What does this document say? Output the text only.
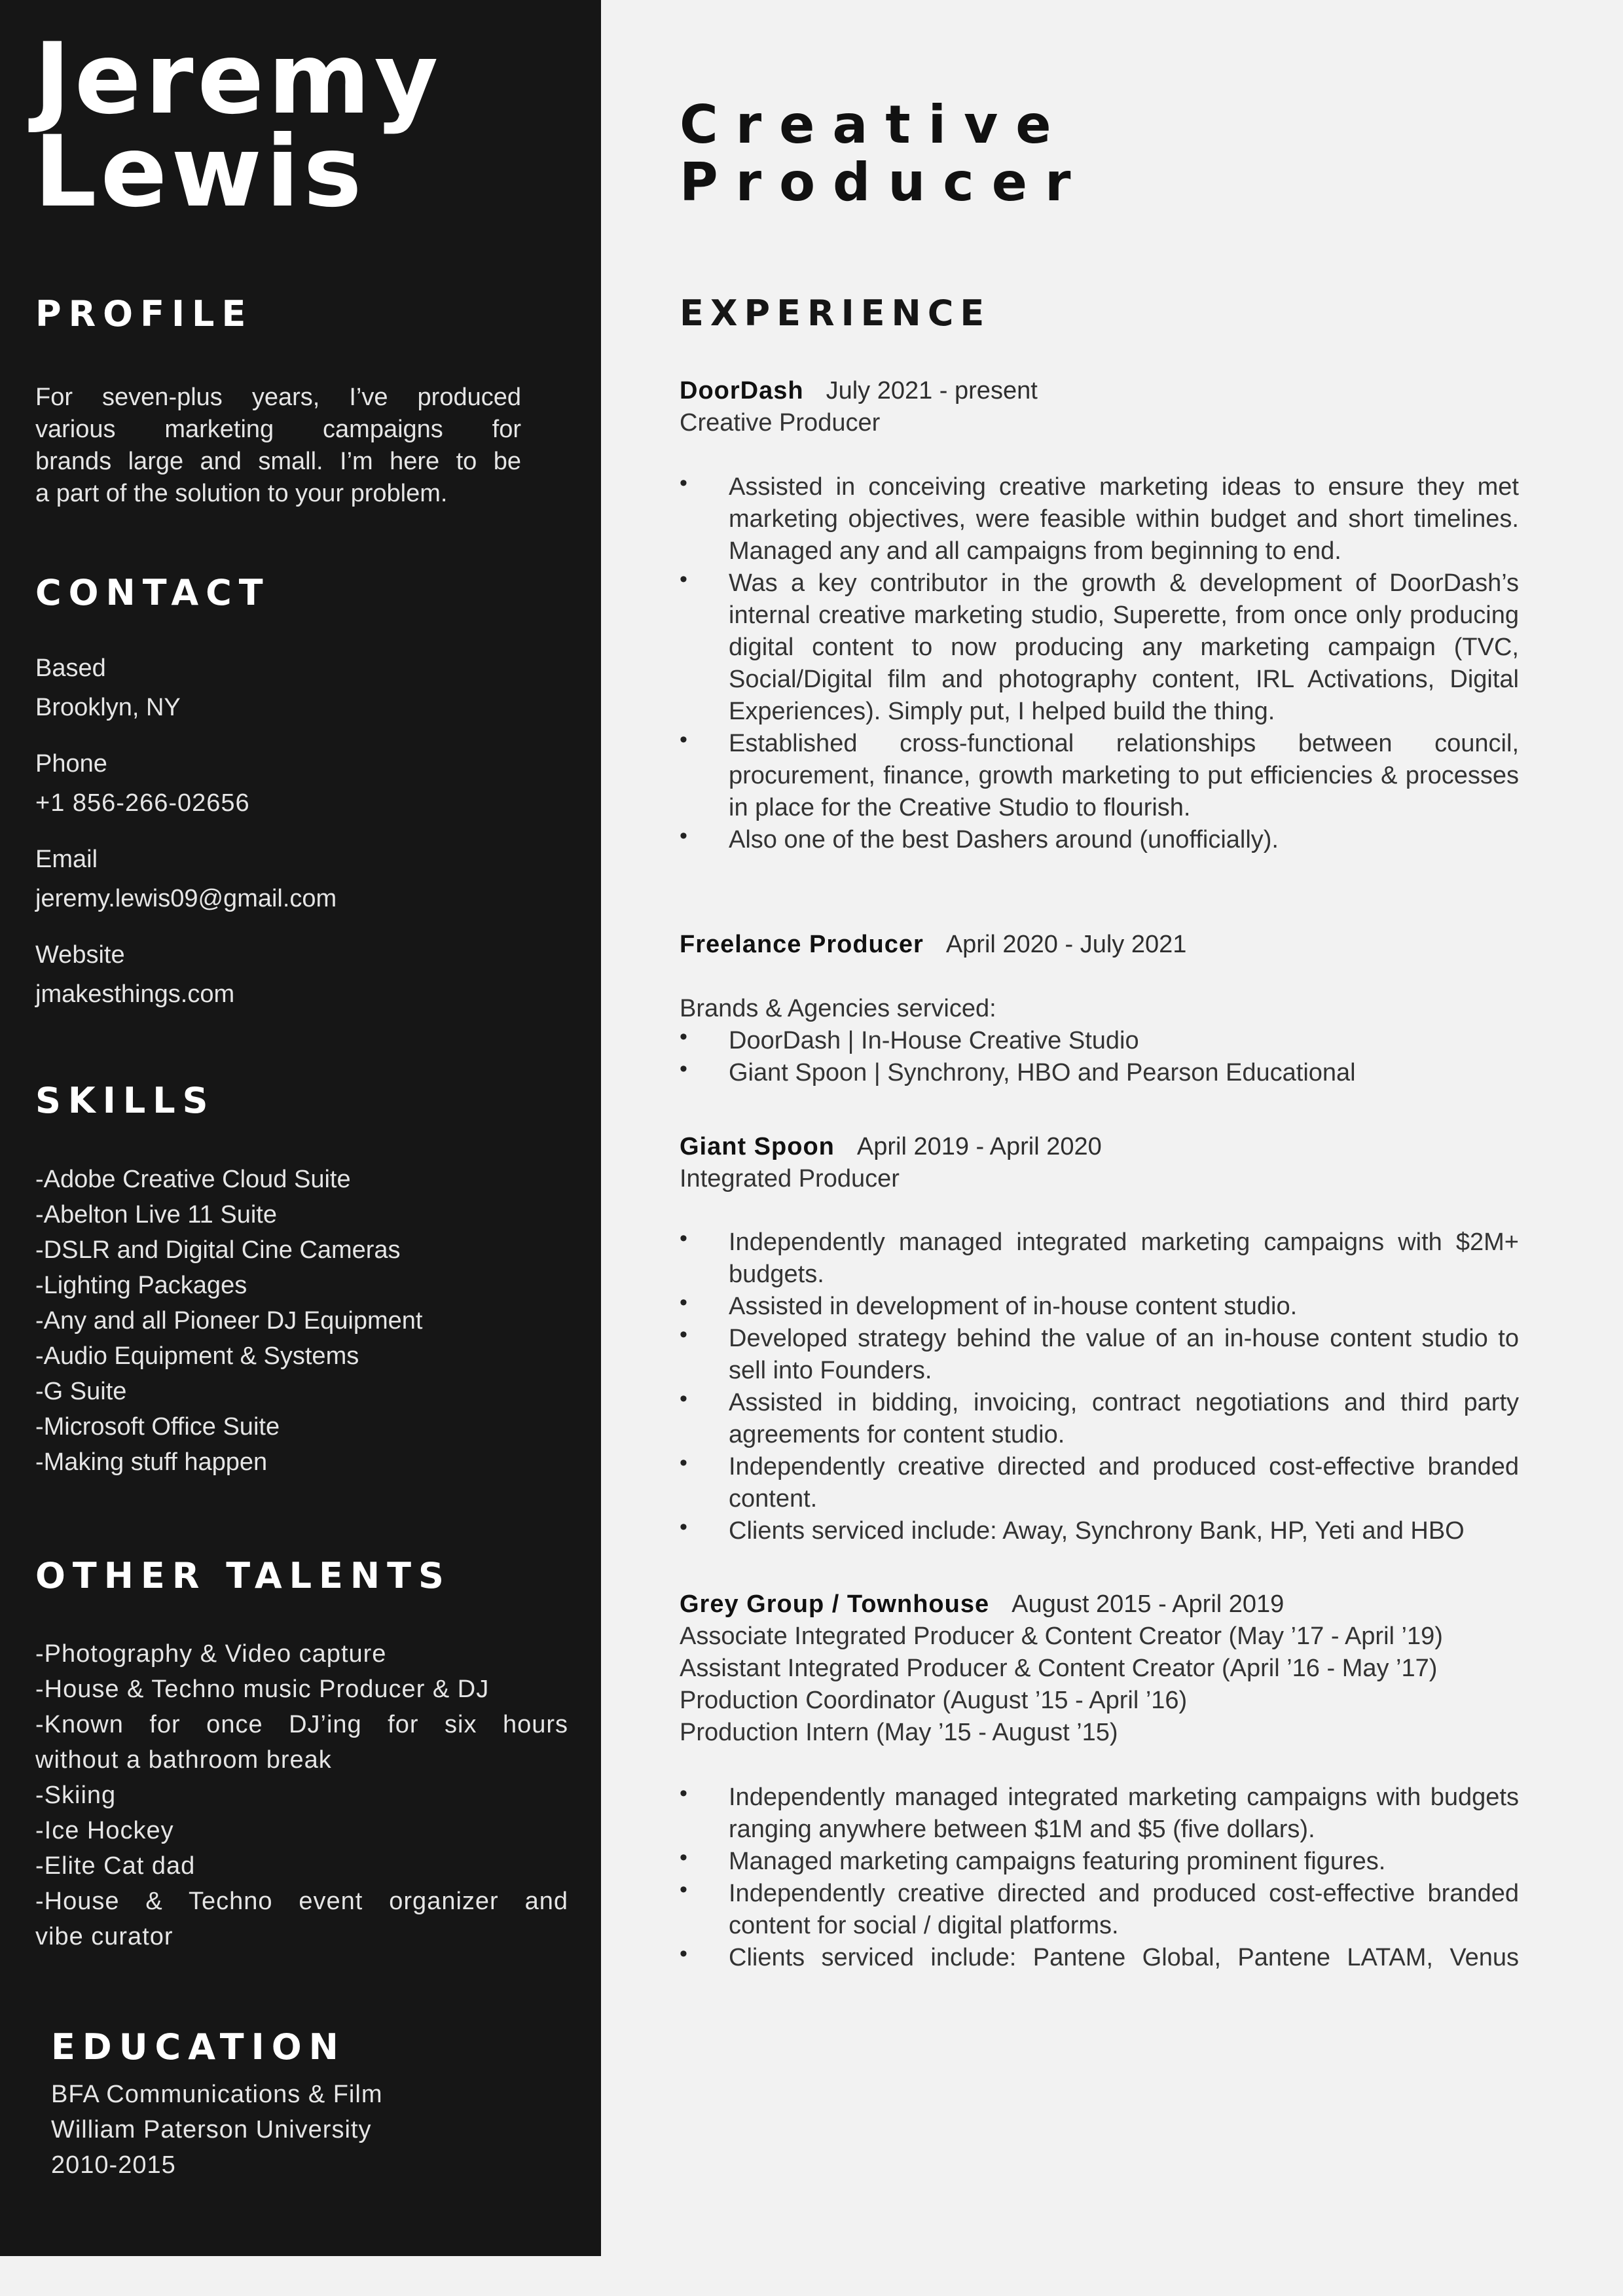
Jeremy
Lewis
PROFILE
For seven-plus years, I’ve produced
various marketing campaigns for
brands large and small. I’m here to be
a part of the solution to your problem.
CONTACT
Based
Brooklyn, NY
Phone
+1 856-266-02656
Email
jeremy.lewis09@gmail.com
Website
jmakesthings.com
SKILLS
-Adobe Creative Cloud Suite
-Abelton Live 11 Suite
-DSLR and Digital Cine Cameras
-Lighting Packages
-Any and all Pioneer DJ Equipment
-Audio Equipment & Systems
-G Suite
-Microsoft Office Suite
-Making stuff happen
OTHER TALENTS
-Photography & Video capture
-House & Techno music Producer & DJ
-Known for once DJ’ing for six hours
without a bathroom break
-Skiing
-Ice Hockey
-Elite Cat dad
-House & Techno event organizer and
vibe curator
EDUCATION
BFA Communications & Film
William Paterson University
2010-2015
Creative
Producer
EXPERIENCE
DoorDash July 2021 - present
Creative Producer
• Assisted in conceiving creative marketing ideas to ensure they met marketing objectives, were feasible within budget and short timelines. Managed any and all campaigns from beginning to end.
• Was a key contributor in the growth & development of DoorDash’s internal creative marketing studio, Superette, from once only producing digital content to now producing any marketing campaign (TVC, Social/Digital film and photography content, IRL Activations, Digital Experiences). Simply put, I helped build the thing.
• Established cross-functional relationships between council, procurement, finance, growth marketing to put efficiencies & processes in place for the Creative Studio to flourish.
• Also one of the best Dashers around (unofficially).
Freelance Producer April 2020 - July 2021
Brands & Agencies serviced:
• DoorDash | In-House Creative Studio
• Giant Spoon | Synchrony, HBO and Pearson Educational
Giant Spoon April 2019 - April 2020
Integrated Producer
• Independently managed integrated marketing campaigns with $2M+ budgets.
• Assisted in development of in-house content studio.
• Developed strategy behind the value of an in-house content studio to sell into Founders.
• Assisted in bidding, invoicing, contract negotiations and third party agreements for content studio.
• Independently creative directed and produced cost-effective branded content.
• Clients serviced include: Away, Synchrony Bank, HP, Yeti and HBO
Grey Group / Townhouse August 2015 - April 2019
Associate Integrated Producer & Content Creator (May ’17 - April ’19)
Assistant Integrated Producer & Content Creator (April ’16 - May ’17)
Production Coordinator (August ’15 - April ’16)
Production Intern (May ’15 - August ’15)
• Independently managed integrated marketing campaigns with budgets ranging anywhere between $1M and $5 (five dollars).
• Managed marketing campaigns featuring prominent figures.
• Independently creative directed and produced cost-effective branded content for social / digital platforms.
• Clients serviced include: Pantene Global, Pantene LATAM, Venus
